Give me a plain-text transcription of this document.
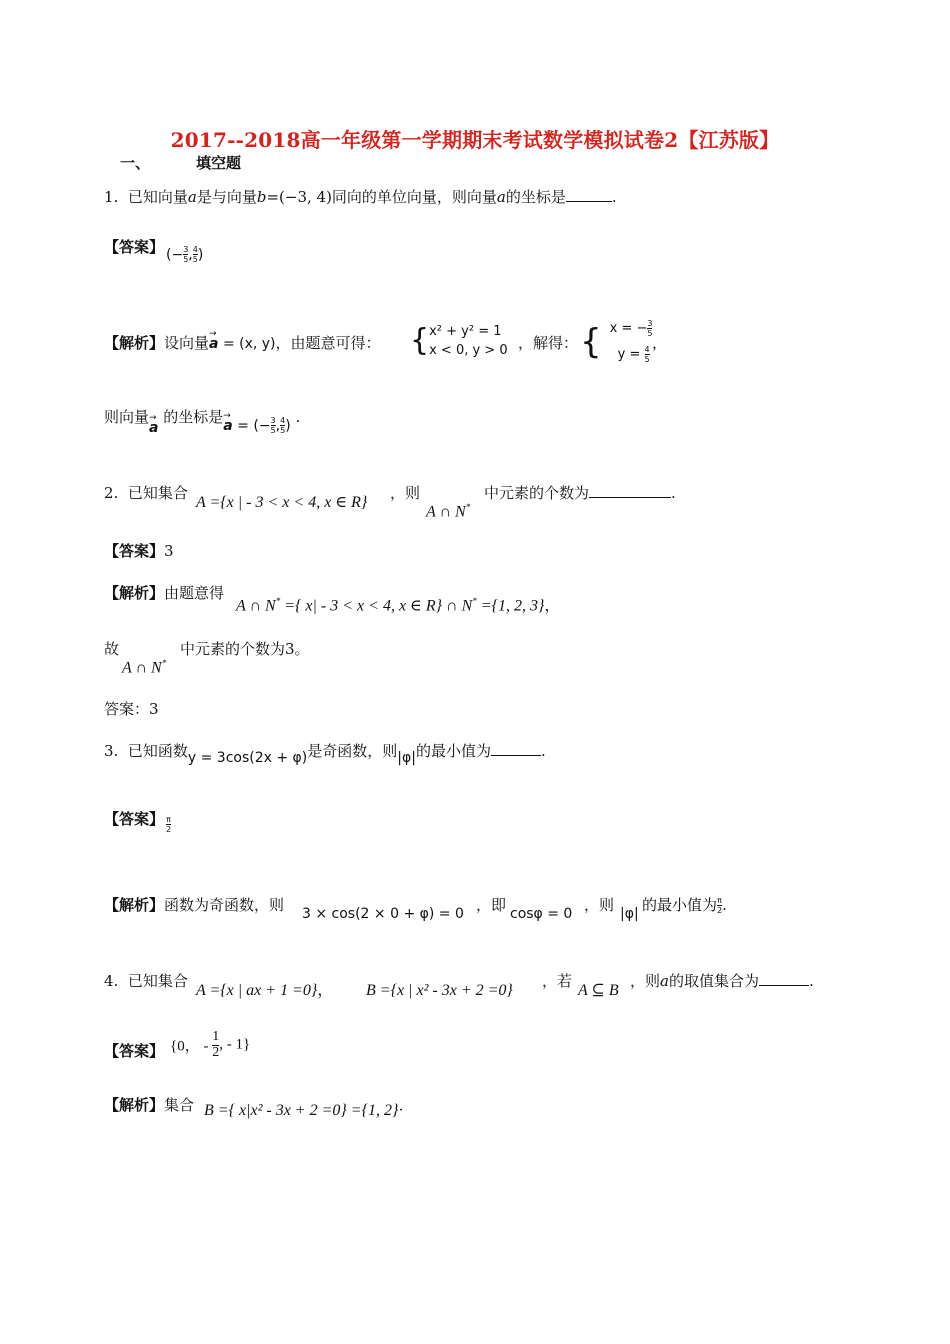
2017--2018高一年级第一学期期末考试数学模拟试卷2【江苏版】
一、	填空题
1. 已知向量a是与向量b=(−3, 4)同向的单位向量，则向量a的坐标是	.
【答案】 (− $\frac{3}{5}$ , $\frac{4}{5}$ )
【解析】设向量→ a = (x, y)，由题意可得： { x² + y² = 1
x < 0, y > 0 ，解得： { x = − $\frac{3}{5}$
$y = \frac{4}{5}$
，
则向量→ a 的坐标是→ a = (− $\frac{3}{5}$ , $\frac{4}{5}$ ) .
2. 已知集合
A ={x | - 3 < x < 4, x ∈ R}
，则
A ∩ N*
中元素的个数为	.
【答案】3
【解析】由题意得
A ∩ N* ={ x| - 3 < x < 4, x ∈ R} ∩ N* ={1, 2, 3}，
故
A ∩ N*
中元素的个数为3。
答案：3
3. 已知函数y = 3cos(2x + φ)是奇函数，则|φ|的最小值为	.
【答案】 $\frac{\pi}{2}$
【解析】函数为奇函数，则 3 × cos(2 × 0 + φ) = 0 ，即 cosφ = 0 ，则 |φ| 的最小值为 $\frac{\pi}{2}$ .
4. 已知集合
A ={x | ax + 1 =0}， B ={x | x² - 3x + 2 =0}
，若
A ⊆ B
，则a的取值集合为	.
【答案】 {0， - $\frac{1}{2}$ , - 1}
【解析】集合 B ={ x|x² - 3x + 2 =0} ={1, 2}·
